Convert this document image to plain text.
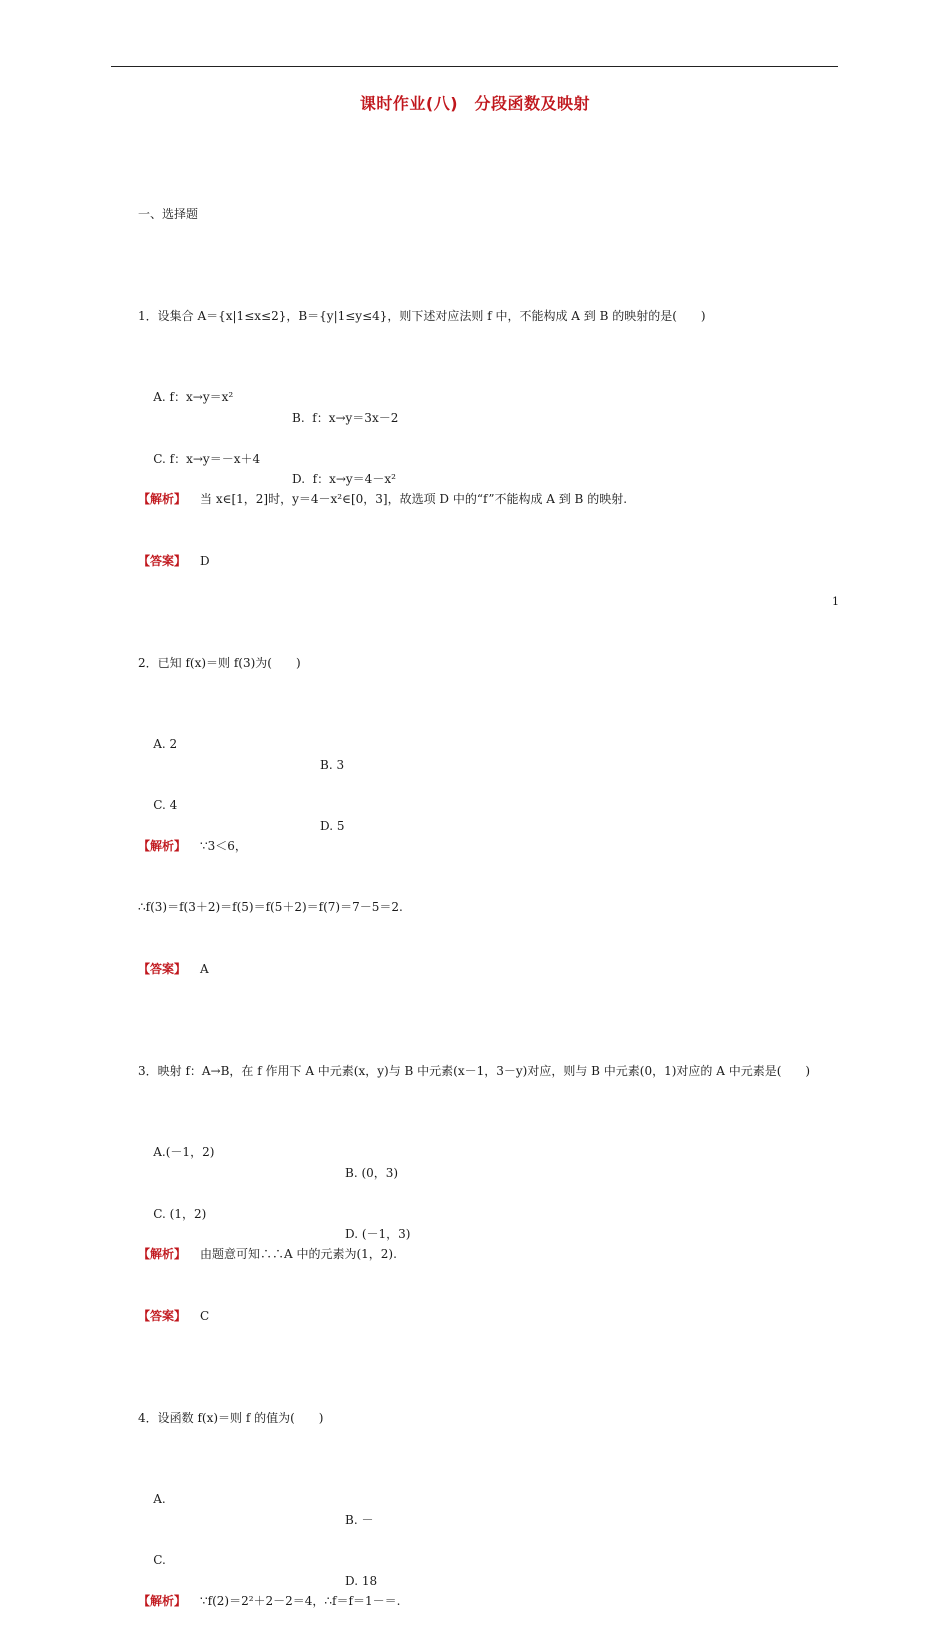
课时作业(八)　分段函数及映射

一、选择题

1．设集合 A＝{x|1≤x≤2}，B＝{y|1≤y≤4}，则下述对应法则 f 中，不能构成 A 到 B 的映射的是(　　)

A. f：x→y＝x²

B.  f：x→y＝3x－2

C. f：x→y＝－x＋4

D.  f：x→y＝4－x²

【解析】 当 x∈[1，2]时，y＝4－x²∈[0，3]，故选项 D 中的“f”不能构成 A 到 B 的映射.

【答案】 D

2．已知 f(x)＝则 f(3)为(　　)

A. 2

B. 3

C. 4

D. 5

【解析】 ∵3＜6，

∴f(3)＝f(3＋2)＝f(5)＝f(5＋2)＝f(7)＝7－5＝2.

【答案】 A

3．映射 f：A→B，在 f 作用下 A 中元素(x，y)与 B 中元素(x－1，3－y)对应，则与 B 中元素(0，1)对应的 A 中元素是(　　)

A.(－1，2)

B. (0，3)

C. (1，2)

D. (－1，3)

【解析】 由题意可知∴∴A 中的元素为(1，2).

【答案】 C

4．设函数 f(x)＝则 f 的值为(　　)

A.

B. －

C.

D. 18

【解析】 ∵f(2)＝2²＋2－2＝4，∴f＝f＝1－＝.

1
